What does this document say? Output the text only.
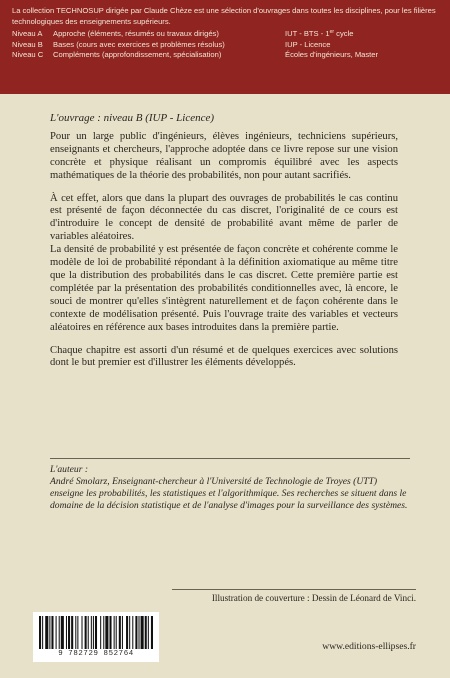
La collection TECHNOSUP dirigée par Claude Chèze est une sélection d'ouvrages dans toutes les disciplines, pour les filières technologiques des enseignements supérieurs.

Niveau A	Approche (éléments, résumés ou travaux dirigés)	IUT - BTS - 1er cycle
Niveau B	Bases (cours avec exercices et problèmes résolus)	IUP - Licence
Niveau C	Compléments (approfondissement, spécialisation)	Écoles d'ingénieurs, Master

L'ouvrage : niveau B (IUP - Licence)

Pour un large public d'ingénieurs, élèves ingénieurs, techniciens supérieurs, enseignants et chercheurs, l'approche adoptée dans ce livre repose sur une vision concrète et physique réalisant un compromis équilibré avec les aspects mathématiques de la théorie des probabilités, non pour autant sacrifiés.

À cet effet, alors que dans la plupart des ouvrages de probabilités le cas continu est présenté de façon déconnectée du cas discret, l'originalité de ce cours est d'introduire le concept de densité de probabilité avant même de parler de variables aléatoires.

La densité de probabilité y est présentée de façon concrète et cohérente comme le modèle de loi de probabilité répondant à la définition axiomatique au même titre que la distribution des probabilités dans le cas discret. Cette première partie est complétée par la présentation des probabilités conditionnelles avec, là encore, le souci de montrer qu'elles s'intègrent naturellement et de façon cohérente dans le contexte de modélisation présenté. Puis l'ouvrage traite des variables et vecteurs aléatoires en référence aux bases introduites dans la première partie.

Chaque chapitre est assorti d'un résumé et de quelques exercices avec solutions dont le but premier est d'illustrer les éléments développés.

L'auteur :

André Smolarz, Enseignant-chercheur à l'Université de Technologie de Troyes (UTT) enseigne les probabilités, les statistiques et l'algorithmique. Ses recherches se situent dans le domaine de la décision statistique et de l'analyse d'images pour la surveillance des systèmes.

Illustration de couverture : Dessin de Léonard de Vinci.
9 782729 852764
www.editions-ellipses.fr
